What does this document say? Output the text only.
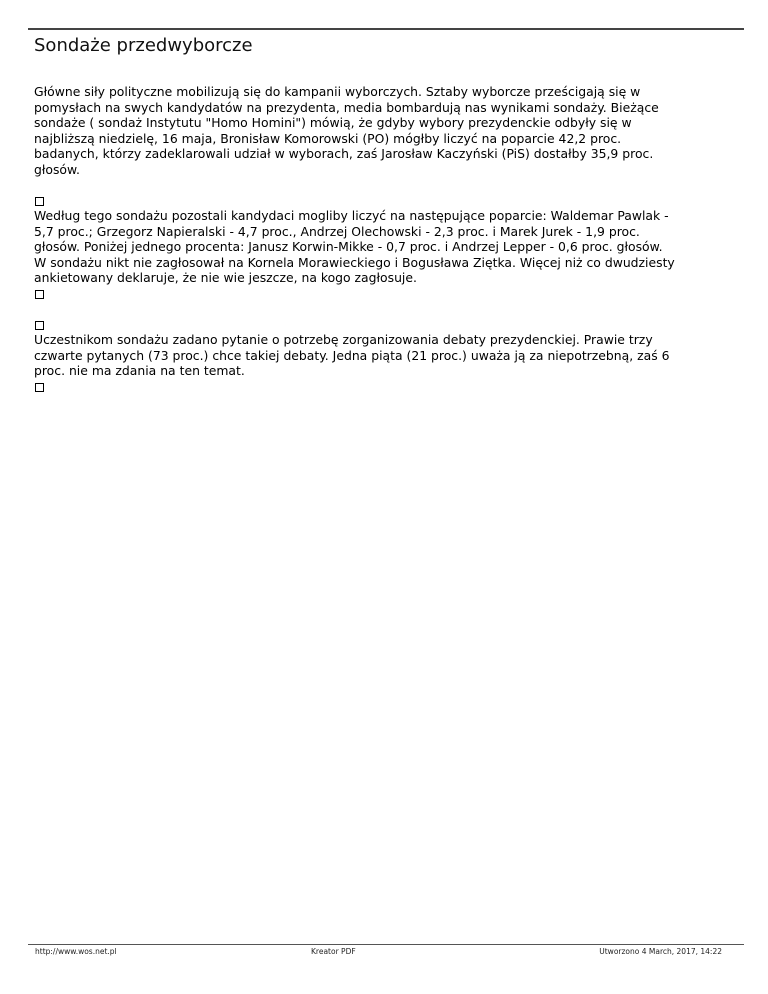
Sondaże przedwyborcze

Główne siły polityczne mobilizują się do kampanii wyborczych. Sztaby wyborcze prześcigają się w
pomysłach na swych kandydatów na prezydenta, media bombardują nas wynikami sondaży. Bieżące
sondaże ( sondaż Instytutu "Homo Homini") mówią, że gdyby wybory prezydenckie odbyły się w
najbliższą niedzielę, 16 maja, Bronisław Komorowski (PO) mógłby liczyć na poparcie 42,2 proc.
badanych, którzy zadeklarowali udział w wyborach, zaś Jarosław Kaczyński (PiS) dostałby 35,9 proc.
głosów.

Według tego sondażu pozostali kandydaci mogliby liczyć na następujące poparcie: Waldemar Pawlak -
5,7 proc.; Grzegorz Napieralski - 4,7 proc., Andrzej Olechowski - 2,3 proc. i Marek Jurek - 1,9 proc.
głosów. Poniżej jednego procenta: Janusz Korwin-Mikke - 0,7 proc. i Andrzej Lepper - 0,6 proc. głosów.
W sondażu nikt nie zagłosował na Kornela Morawieckiego i Bogusława Ziętka. Więcej niż co dwudziesty
ankietowany deklaruje, że nie wie jeszcze, na kogo zagłosuje.

Uczestnikom sondażu zadano pytanie o potrzebę zorganizowania debaty prezydenckiej. Prawie trzy
czwarte pytanych (73 proc.) chce takiej debaty. Jedna piąta (21 proc.) uważa ją za niepotrzebną, zaś 6
proc. nie ma zdania na ten temat.

http://www.wos.net.pl	Kreator PDF	Utworzono 4 March, 2017, 14:22
